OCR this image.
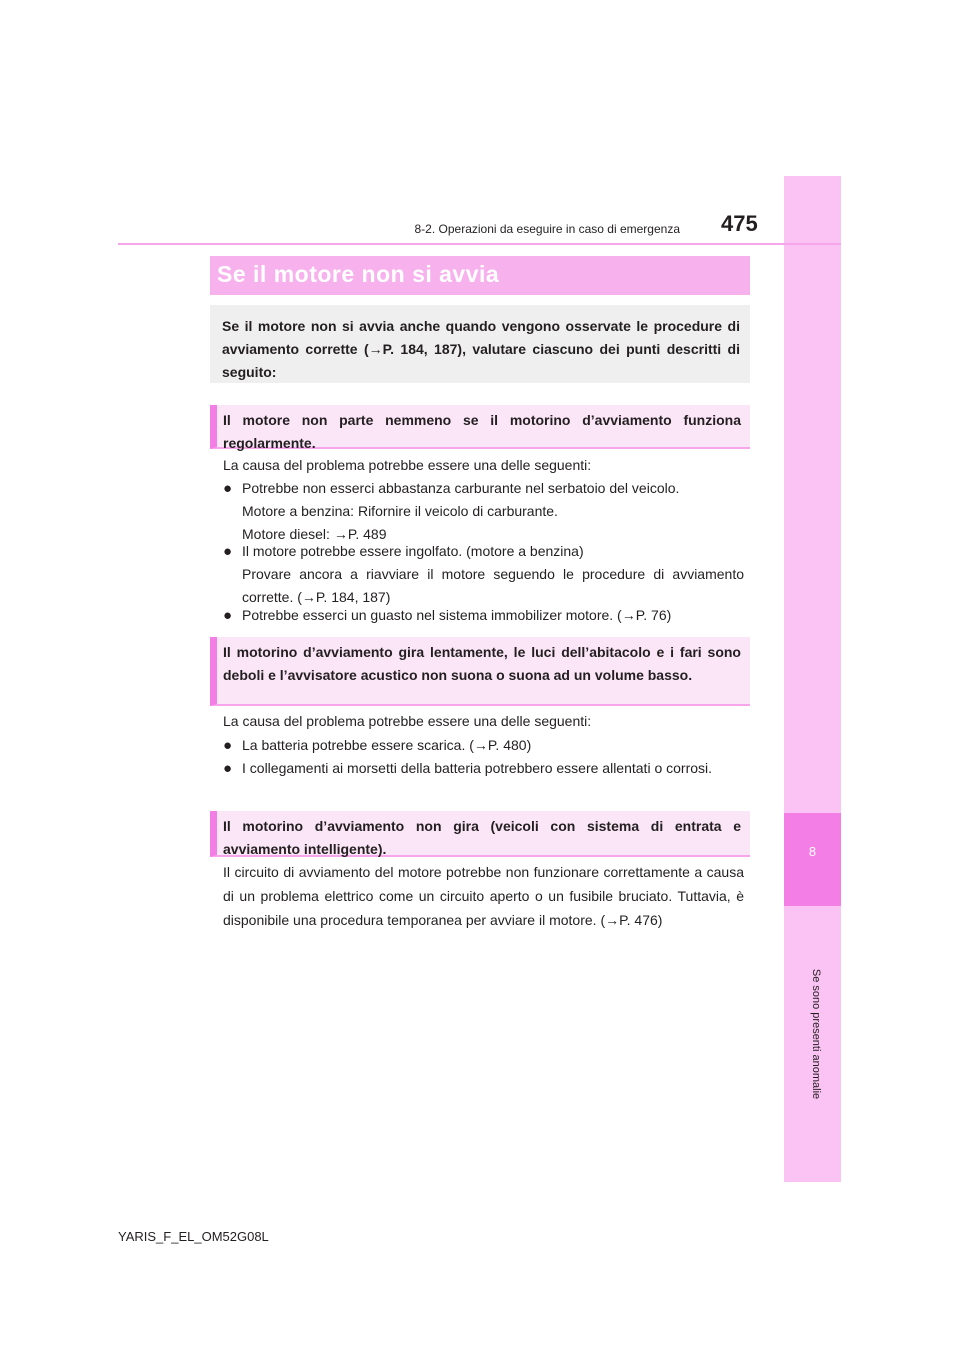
8
Se sono presenti anomalie
8-2. Operazioni da eseguire in caso di emergenza 475
Se il motore non si avvia
Se il motore non si avvia anche quando vengono osservate le procedure di avviamento corrette (→P. 184, 187), valutare ciascuno dei punti descritti di seguito:
Il motore non parte nemmeno se il motorino d’avviamento funziona regolarmente.
La causa del problema potrebbe essere una delle seguenti:
● Potrebbe non esserci abbastanza carburante nel serbatoio del veicolo.
Motore a benzina: Rifornire il veicolo di carburante.
Motore diesel: →P. 489
● Il motore potrebbe essere ingolfato. (motore a benzina)
Provare ancora a riavviare il motore seguendo le procedure di avviamento corrette. (→P. 184, 187)
● Potrebbe esserci un guasto nel sistema immobilizer motore. (→P. 76)
Il motorino d’avviamento gira lentamente, le luci dell’abitacolo e i fari sono deboli e l’avvisatore acustico non suona o suona ad un volume basso.
La causa del problema potrebbe essere una delle seguenti:
● La batteria potrebbe essere scarica. (→P. 480)
● I collegamenti ai morsetti della batteria potrebbero essere allentati o corrosi.
Il motorino d’avviamento non gira (veicoli con sistema di entrata e avviamento intelligente).
Il circuito di avviamento del motore potrebbe non funzionare correttamente a causa di un problema elettrico come un circuito aperto o un fusibile bruciato. Tuttavia, è disponibile una procedura temporanea per avviare il motore. (→P. 476)
YARIS_F_EL_OM52G08L
